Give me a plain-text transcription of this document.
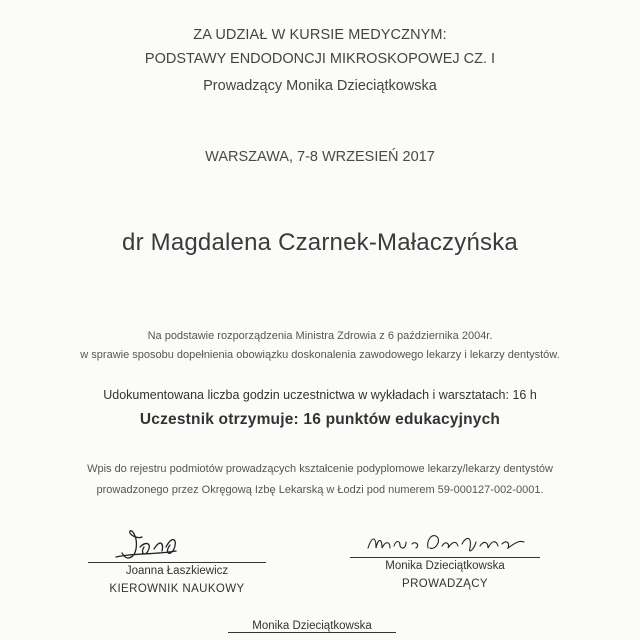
ZA UDZIAŁ W KURSIE MEDYCZNYM:
PODSTAWY ENDODONCJI MIKROSKOPOWEJ CZ. I
Prowadzący Monika Dzieciątkowska
WARSZAWA, 7-8 WRZESIEŃ 2017
dr Magdalena Czarnek-Małaczyńska
Na podstawie rozporządzenia Ministra Zdrowia z 6 października 2004r.
w sprawie sposobu dopełnienia obowiązku doskonalenia zawodowego lekarzy i lekarzy dentystów.
Udokumentowana liczba godzin uczestnictwa w wykładach i warsztatach: 16 h
Uczestnik otrzymuje: 16 punktów edukacyjnych
Wpis do rejestru podmiotów prowadzących kształcenie podyplomowe lekarzy/lekarzy dentystów
prowadzonego przez Okręgową Izbę Lekarską w Łodzi pod numerem 59-000127-002-0001.
Joanna Łaszkiewicz
KIEROWNIK NAUKOWY
Monika Dzieciątkowska
PROWADZĄCY
Monika Dzieciątkowska
